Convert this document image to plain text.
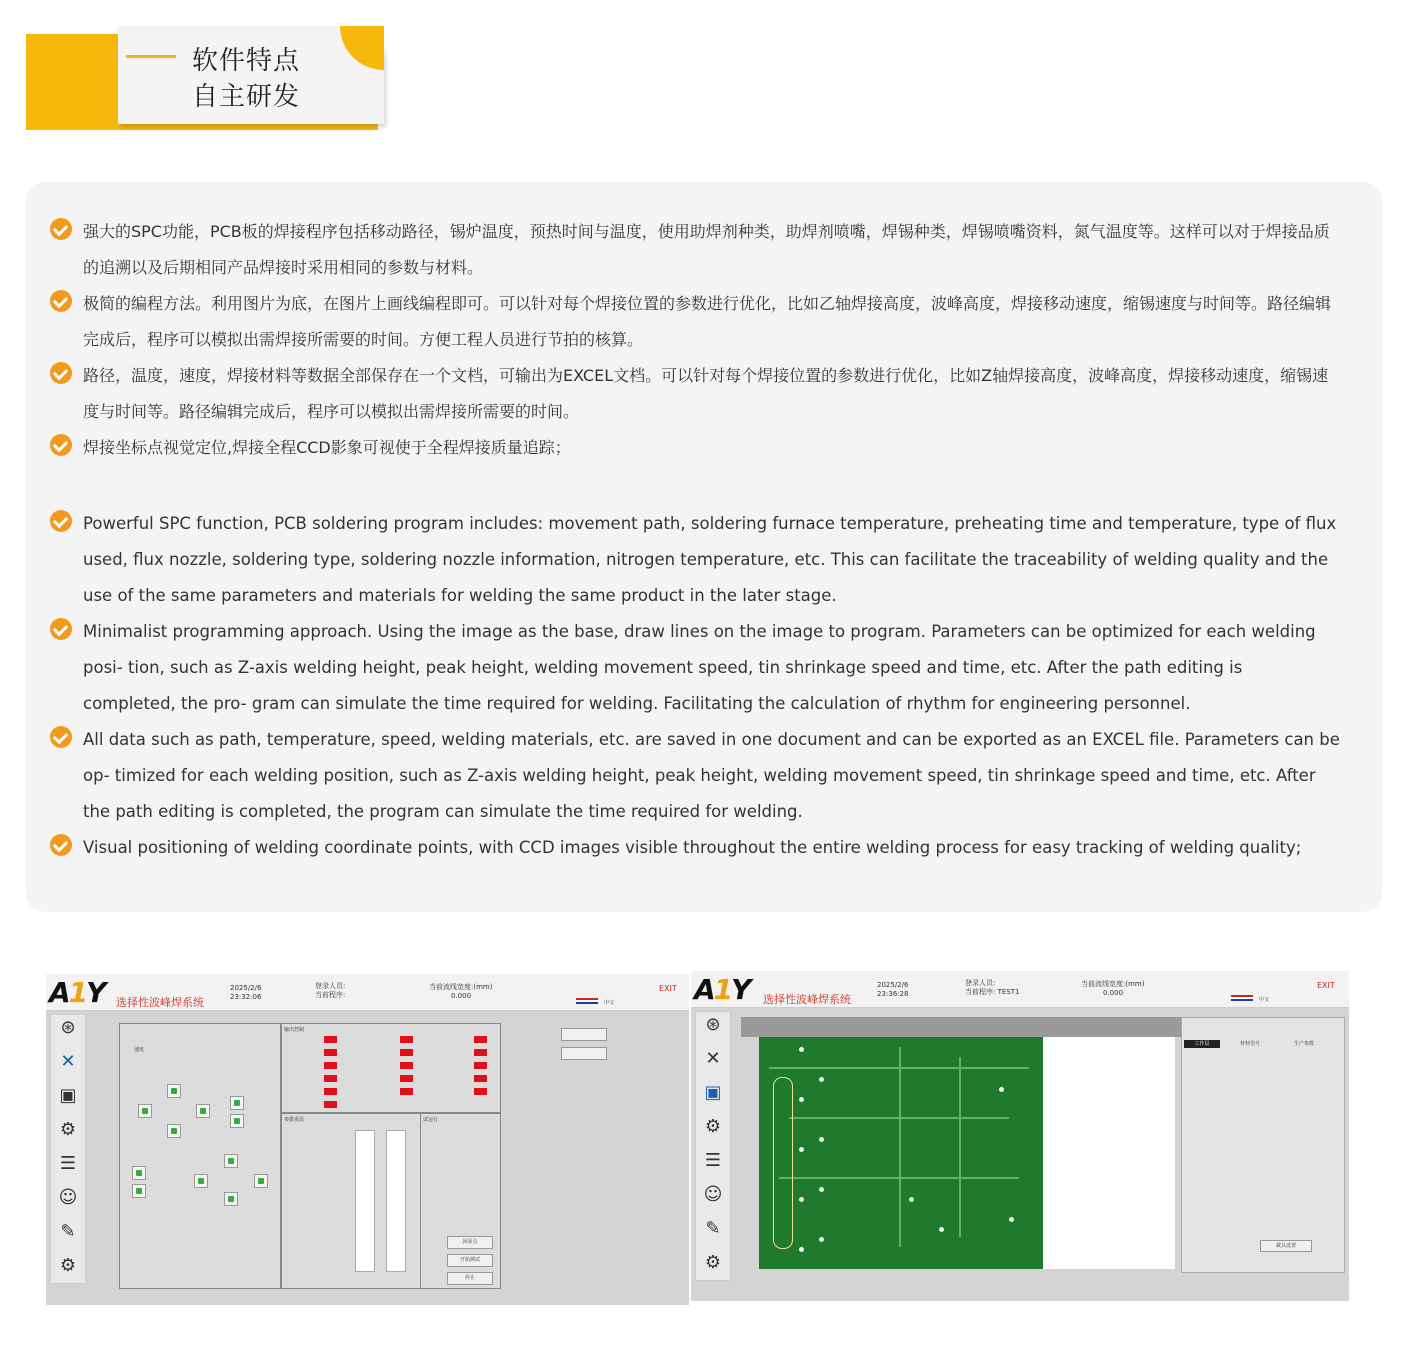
软件特点
自主研发
强大的SPC功能，PCB板的焊接程序包括移动路径，锡炉温度，预热时间与温度，使用助焊剂种类，助焊剂喷嘴，焊锡种类，焊锡喷嘴资料，氮气温度等。这样可以对于焊接品质的追溯以及后期相同产品焊接时采用相同的参数与材料。
极简的编程方法。利用图片为底，在图片上画线编程即可。可以针对每个焊接位置的参数进行优化，比如乙轴焊接高度，波峰高度，焊接移动速度，缩锡速度与时间等。路径编辑完成后，程序可以模拟出需焊接所需要的时间。方便工程人员进行节拍的核算。
路径，温度，速度，焊接材料等数据全部保存在一个文档，可输出为EXCEL文档。可以针对每个焊接位置的参数进行优化，比如Z轴焊接高度，波峰高度，焊接移动速度，缩锡速度与时间等。路径编辑完成后，程序可以模拟出需焊接所需要的时间。
焊接坐标点视觉定位,焊接全程CCD影象可视使于全程焊接质量追踪；
Powerful SPC function, PCB soldering program includes: movement path, soldering furnace temperature, preheating time and temperature, type of flux used, flux nozzle, soldering type, soldering nozzle information, nitrogen temperature, etc. This can facilitate the traceability of welding quality and the use of the same parameters and materials for welding the same product in the later stage.
Minimalist programming approach. Using the image as the base, draw lines on the image to program. Parameters can be optimized for each welding posi- tion, such as Z-axis welding height, peak height, welding movement speed, tin shrinkage speed and time, etc. After the path editing is completed, the pro- gram can simulate the time required for welding. Facilitating the calculation of rhythm for engineering personnel.
All data such as path, temperature, speed, welding materials, etc. are saved in one document and can be exported as an EXCEL file. Parameters can be op- timized for each welding position, such as Z-axis welding height, peak height, welding movement speed, tin shrinkage speed and time, etc. After the path editing is completed, the program can simulate the time required for welding.
Visual positioning of welding coordinate points, with CCD images visible throughout the entire welding process for easy tracking of welding quality;
A1Y 选择性波峰焊系统
2025/2/6
23:32:06
登录人员:
当前程序:
当前流线宽度:(mm)
0.000
EXIT
中文
⊛
✕
▣
⚙
☰
☺
✎
⚙
速度
输出控制
参数更改	试运行
回原点
开始测试
停止
A1Y 选择性波峰焊系统
2025/2/6
23:36:28
登录人员:
当前程序: TEST1
当前流线宽度:(mm)
0.000
EXIT
中文
⊛
✕
▣
⚙
☰
☺
✎
⚙
工作层	材料型号	生产参数
載具设置
